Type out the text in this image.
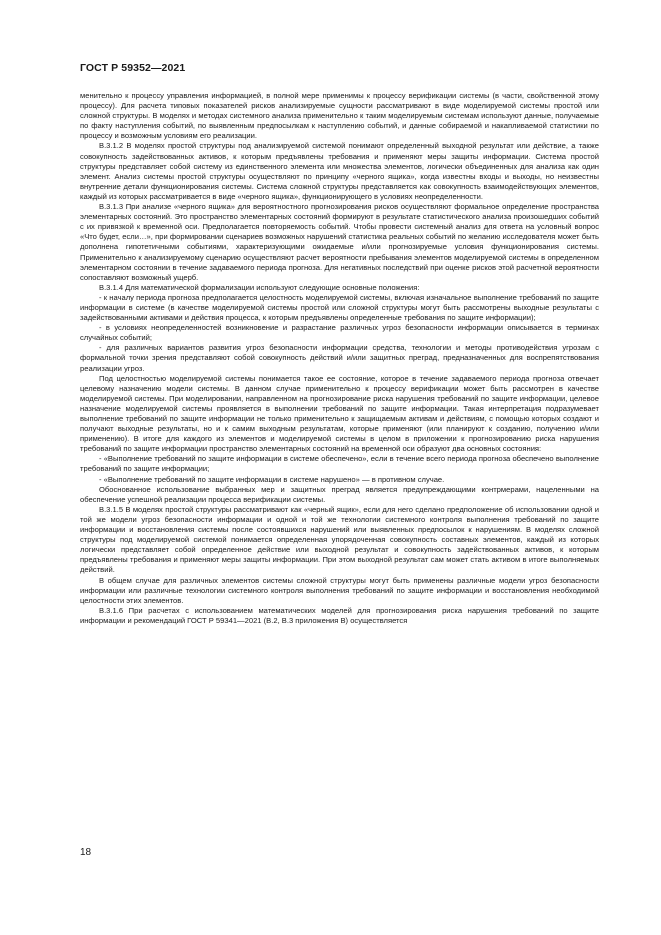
ГОСТ Р 59352—2021

менительно к процессу управления информацией, в полной мере применимы к процессу верификации системы (в части, свойственной этому процессу). Для расчета типовых показателей рисков анализируемые сущности рассматривают в виде моделируемой системы простой или сложной структуры. В моделях и методах системного анализа применительно к таким моделируемым системам используют данные, получаемые по факту наступления событий, по выявленным предпосылкам к наступлению событий, и данные собираемой и накапливаемой статистики по процессу и возможным условиям его реализации.

В.3.1.2 В моделях простой структуры под анализируемой системой понимают определенный выходной результат или действие, а также совокупность задействованных активов, к которым предъявлены требования и применяют меры защиты информации. Система простой структуры представляет собой систему из единственного элемента или множества элементов, логически объединенных для анализа как один элемент. Анализ системы простой структуры осуществляют по принципу «черного ящика», когда известны входы и выходы, но неизвестны внутренние детали функционирования системы. Система сложной структуры представляется как совокупность взаимодействующих элементов, каждый из которых рассматривается в виде «черного ящика», функционирующего в условиях неопределенности.

В.3.1.3 При анализе «черного ящика» для вероятностного прогнозирования рисков осуществляют формальное определение пространства элементарных состояний. Это пространство элементарных состояний формируют в результате статистического анализа произошедших событий с их привязкой к временной оси. Предполагается повторяемость событий. Чтобы провести системный анализ для ответа на условный вопрос «Что будет, если…», при формировании сценариев возможных нарушений статистика реальных событий по желанию исследователя может быть дополнена гипотетичными событиями, характеризующими ожидаемые и/или прогнозируемые условия функционирования системы. Применительно к анализируемому сценарию осуществляют расчет вероятности пребывания элементов моделируемой системы в определенном элементарном состоянии в течение задаваемого периода прогноза. Для негативных последствий при оценке рисков этой расчетной вероятности сопоставляют возможный ущерб.

В.3.1.4 Для математической формализации используют следующие основные положения:

- к началу периода прогноза предполагается целостность моделируемой системы, включая изначальное выполнение требований по защите информации в системе (в качестве моделируемой системы простой или сложной структуры могут быть рассмотрены выходные результаты с задействованными активами и действия процесса, к которым предъявлены определенные требования по защите информации);

- в условиях неопределенностей возникновение и разрастание различных угроз безопасности информации описывается в терминах случайных событий;

- для различных вариантов развития угроз безопасности информации средства, технологии и методы противодействия угрозам с формальной точки зрения представляют собой совокупность действий и/или защитных преград, предназначенных для воспрепятствования реализации угроз.

Под целостностью моделируемой системы понимается такое ее состояние, которое в течение задаваемого периода прогноза отвечает целевому назначению модели системы. В данном случае применительно к процессу верификации может быть рассмотрен в качестве моделируемой системы. При моделировании, направленном на прогнозирование риска нарушения требований по защите информации, целевое назначение моделируемой системы проявляется в выполнении требований по защите информации. Такая интерпретация подразумевает выполнение требований по защите информации не только применительно к защищаемым активам и действиям, с помощью которых создают и получают выходные результаты, но и к самим выходным результатам, которые применяют (или планируют к созданию, получению и/или применению). В итоге для каждого из элементов и моделируемой системы в целом в приложении к прогнозированию риска нарушения требований по защите информации пространство элементарных состояний на временной оси образуют два основных состояния:

- «Выполнение требований по защите информации в системе обеспечено», если в течение всего периода прогноза обеспечено выполнение требований по защите информации;

- «Выполнение требований по защите информации в системе нарушено» — в противном случае.

Обоснованное использование выбранных мер и защитных преград является предупреждающими контрмерами, нацеленными на обеспечение успешной реализации процесса верификации системы.

В.3.1.5 В моделях простой структуры рассматривают как «черный ящик», если для него сделано предположение об использовании одной и той же модели угроз безопасности информации и одной и той же технологии системного контроля выполнения требований по защите информации и восстановления системы после состоявшихся нарушений или выявленных предпосылок к нарушениям. В моделях сложной структуры под моделируемой системой понимается определенная упорядоченная совокупность составных элементов, каждый из которых логически представляет собой определенное действие или выходной результат и совокупность задействованных активов, к которым предъявлены требования и применяют меры защиты информации. При этом выходной результат сам может стать активом в итоге выполняемых действий.

В общем случае для различных элементов системы сложной структуры могут быть применены различные модели угроз безопасности информации или различные технологии системного контроля выполнения требований по защите информации и восстановления необходимой целостности этих элементов.

В.3.1.6 При расчетах с использованием математических моделей для прогнозирования риска нарушения требований по защите информации и рекомендаций ГОСТ Р 59341—2021 (В.2, В.3 приложения В) осуществляется

18
